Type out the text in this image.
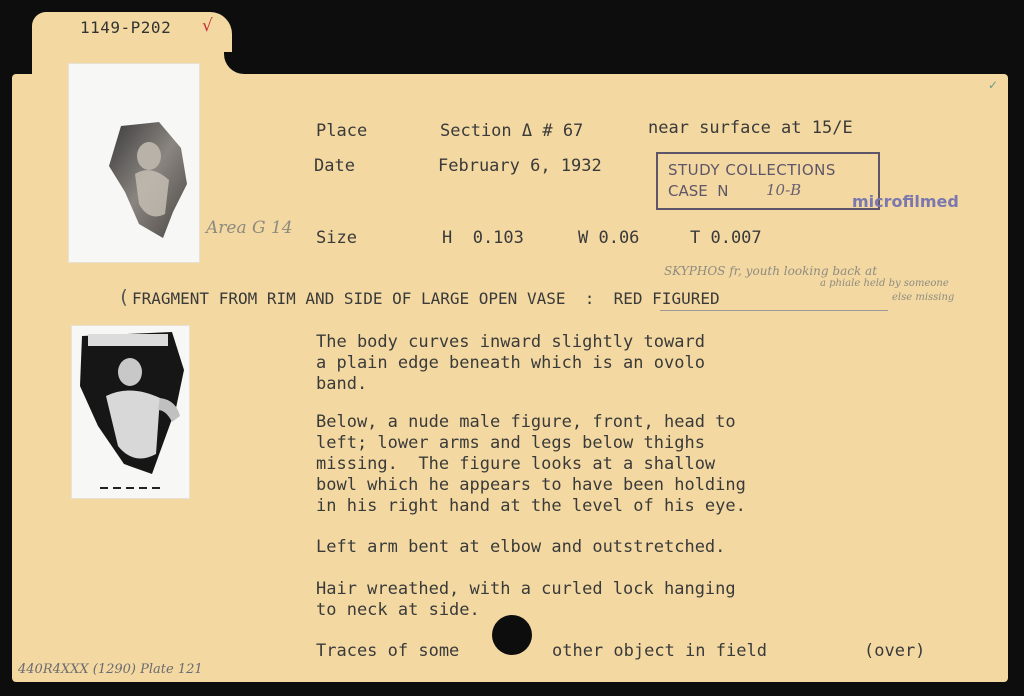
1149-P202 √
✓
Place	Section Δ # 67	near surface at 15/E
Date	February 6, 1932	STUDY COLLECTIONS
CASE  N	10-B
microfilmed
Area G 14 Size	H  0.103	W 0.06	T 0.007
SKYPHOS fr, youth looking back at
a phiale held by someone
else missing
( FRAGMENT FROM RIM AND SIDE OF LARGE OPEN VASE  :  RED FIGURED
The body curves inward slightly toward
a plain edge beneath which is an ovolo
band.
Below, a nude male figure, front, head to
left; lower arms and legs below thighs
missing.  The figure looks at a shallow
bowl which he appears to have been holding
in his right hand at the level of his eye.
Left arm bent at elbow and outstretched.
Hair wreathed, with a curled lock hanging
to neck at side.
Traces of some	other object in field	(over)
440R4XXX (1290) Plate 121
